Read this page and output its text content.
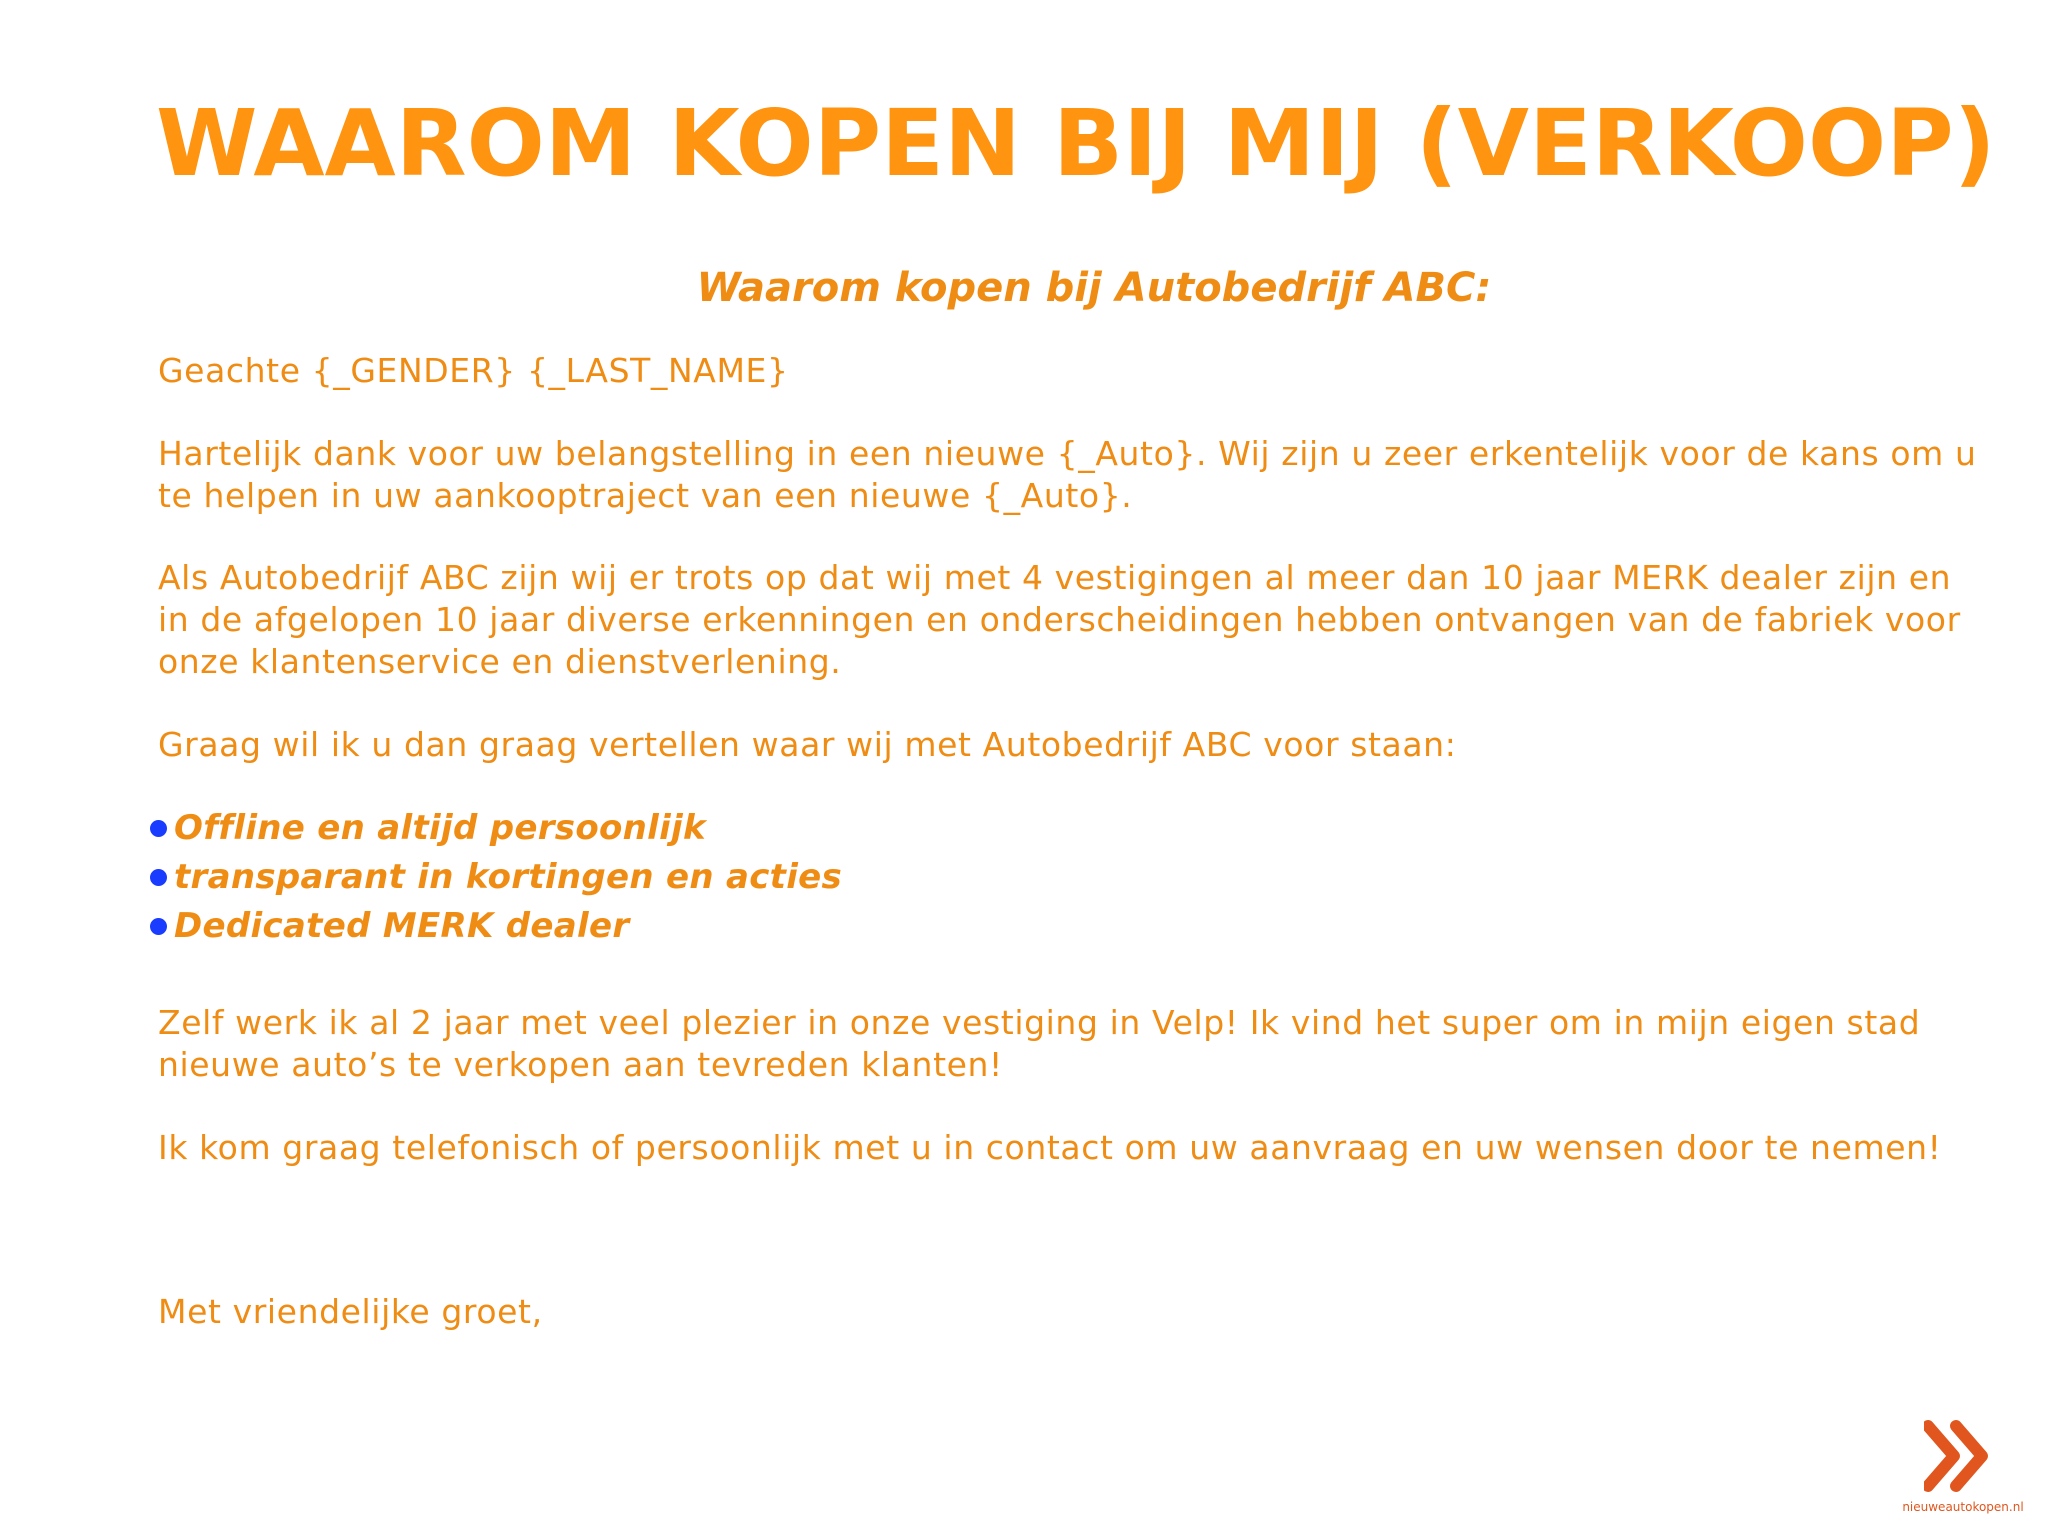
WAAROM KOPEN BIJ MIJ (VERKOOP)
Waarom kopen bij Autobedrijf ABC:

Geachte {_GENDER} {_LAST_NAME}

Hartelijk dank voor uw belangstelling in een nieuwe {_Auto}. Wij zijn u zeer erkentelijk voor de kans om u te helpen in uw aankooptraject van een nieuwe {_Auto}.

Als Autobedrijf ABC zijn wij er trots op dat wij met 4 vestigingen al meer dan 10 jaar MERK dealer zijn en in de afgelopen 10 jaar diverse erkenningen en onderscheidingen hebben ontvangen van de fabriek voor onze klantenservice en dienstverlening.

Graag wil ik u dan graag vertellen waar wij met Autobedrijf ABC voor staan:

Offline en altijd persoonlijk
transparant in kortingen en acties
Dedicated MERK dealer

Zelf werk ik al 2 jaar met veel plezier in onze vestiging in Velp! Ik vind het super om in mijn eigen stad nieuwe auto’s te verkopen aan tevreden klanten!

Ik kom graag telefonisch of persoonlijk met u in contact om uw aanvraag en uw wensen door te nemen!

Met vriendelijke groet,

nieuweautokopen.nl
